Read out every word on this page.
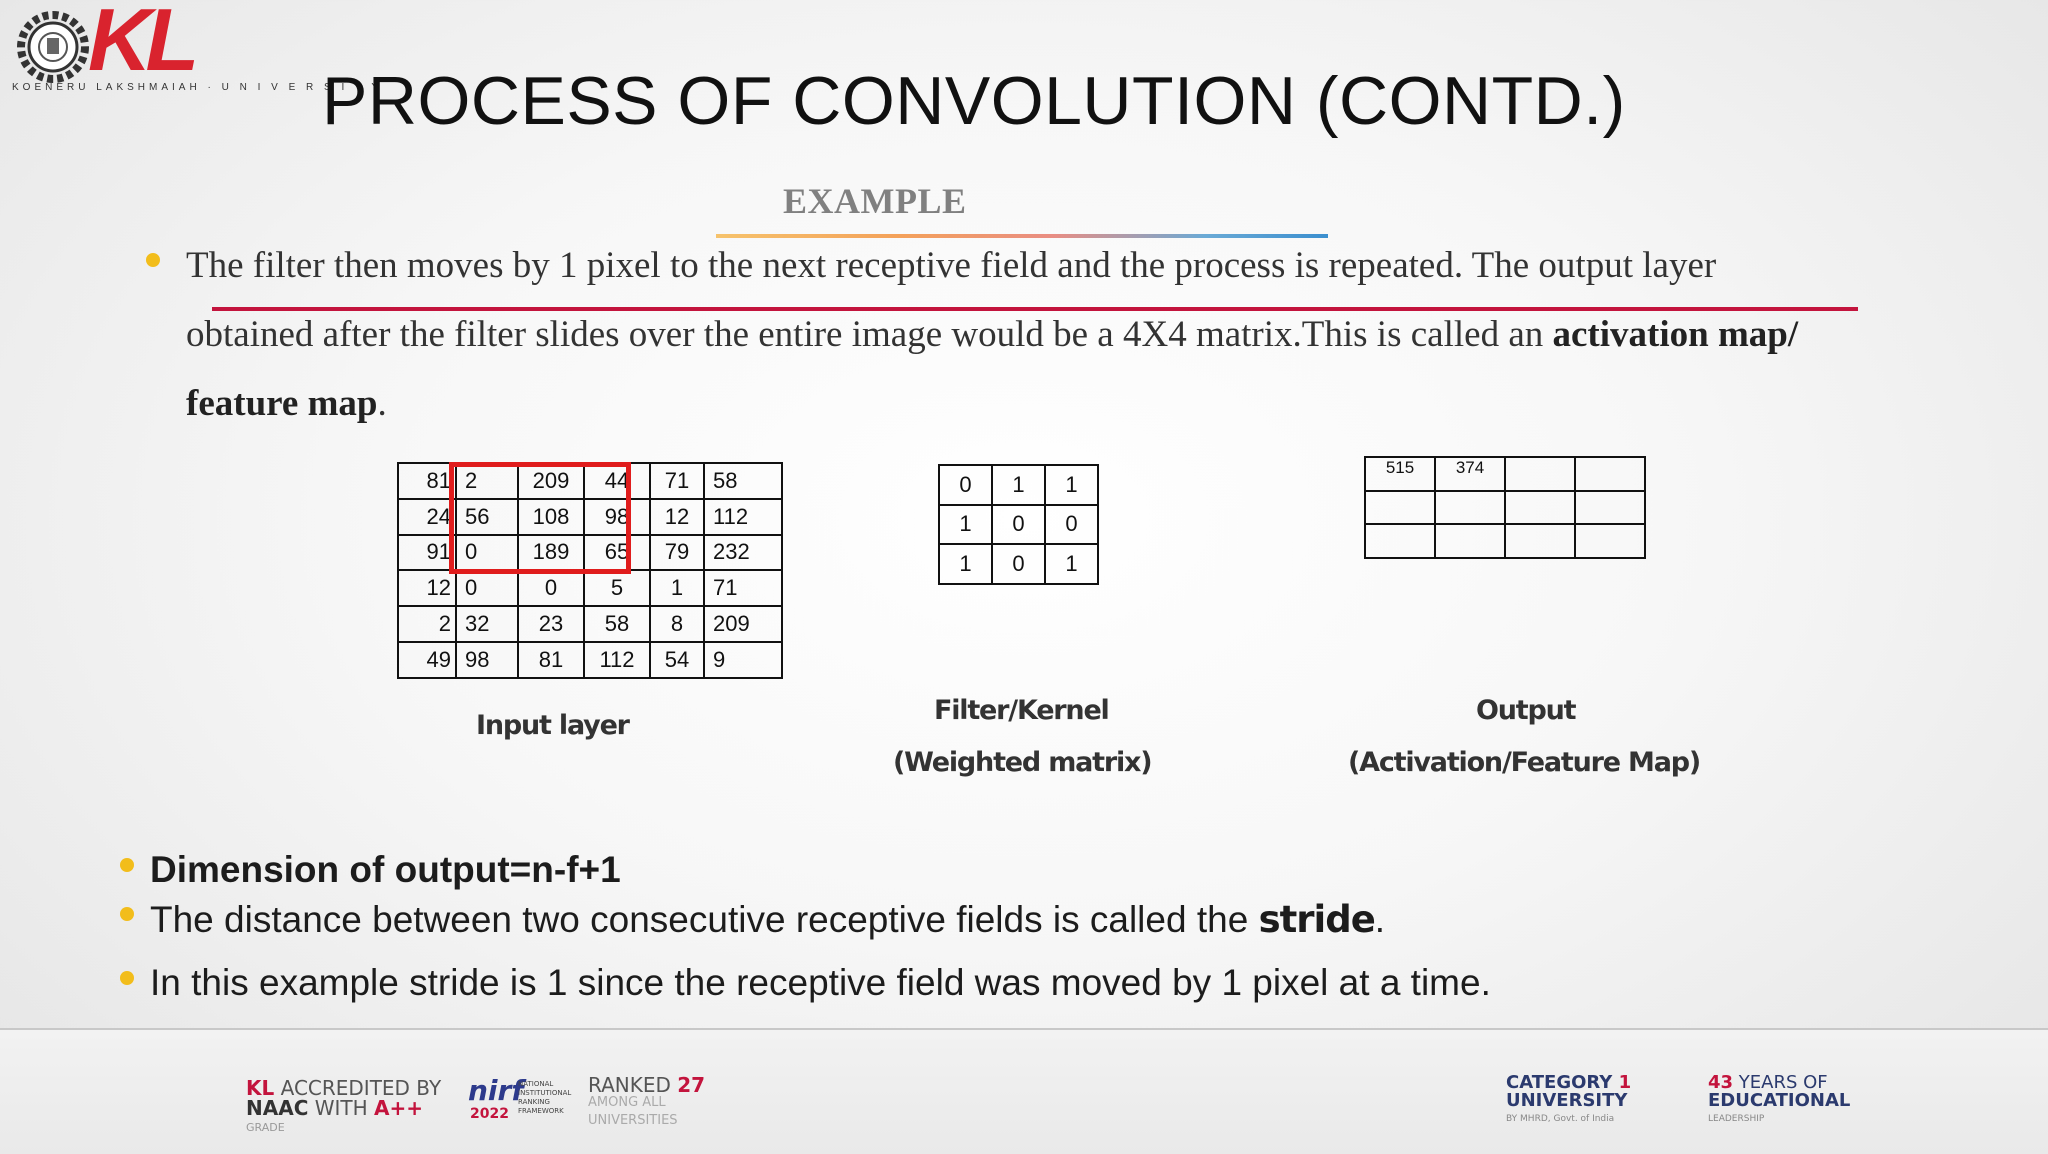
KL
KOENERU LAKSHMAIAH · U N I V E R S I T Y
PROCESS OF CONVOLUTION (CONTD.)
EXAMPLE
The filter then moves by 1 pixel to the next receptive field and the process is repeated. The output layer
obtained after the filter slides over the entire image would be a 4X4 matrix.This is called an activation map/
feature map.
81	2	209	44	71	58
24	56	108	98	12	112
91	0	189	65	79	232
12	0	0	5	1	71
2	32	23	58	8	209
49	98	81	112	54	9
Input layer
0	1	1
1	0	0
1	0	1
Filter/Kernel
(Weighted matrix)
515	374		

Output
(Activation/Feature Map)
Dimension of output=n-f+1
The distance between two consecutive receptive fields is called the stride.
In this example stride is 1 since the receptive field was moved by 1 pixel at a time.
KL ACCREDITED BY
NAAC WITH A++
GRADE
nirf
2022
NATIONAL INSTITUTIONAL RANKING FRAMEWORK
RANKED 27
AMONG ALL
UNIVERSITIES
CATEGORY 1
UNIVERSITY
BY MHRD, Govt. of India
43 YEARS OF
EDUCATIONAL
LEADERSHIP
